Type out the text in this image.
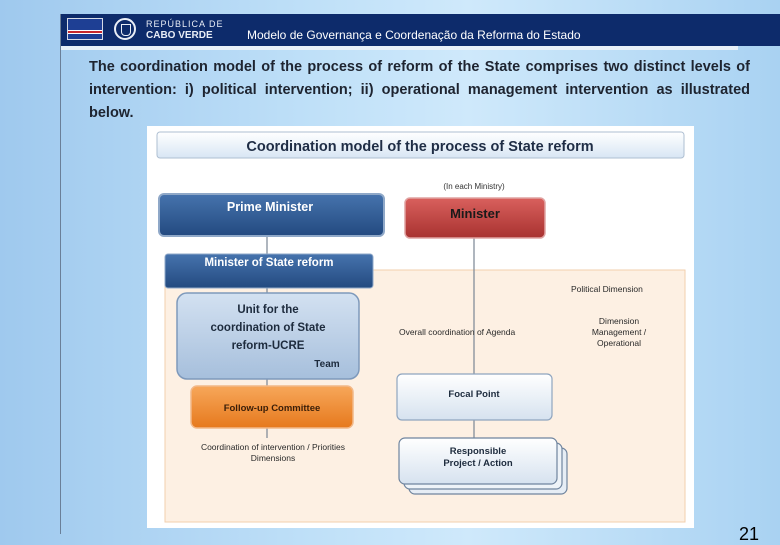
REPÚBLICA DE
CABO VERDE	Modelo de Governança e Coordenação da Reforma do Estado

The coordination model of the process of reform of the State comprises two distinct levels of intervention: i) political intervention; ii) operational management intervention as illustrated below.

Coordination model of the process of State reform
(In each Ministry)
Prime Minister	Minister
Minister of State reform
Political Dimension
Unit for the
coordination of State
reform-UCRE
Team
Overall coordination of Agenda
Dimension
Management /
Operational
Follow-up Committee
Focal Point
Coordination of intervention / Priorities
Dimensions
Responsible
Project / Action
21
